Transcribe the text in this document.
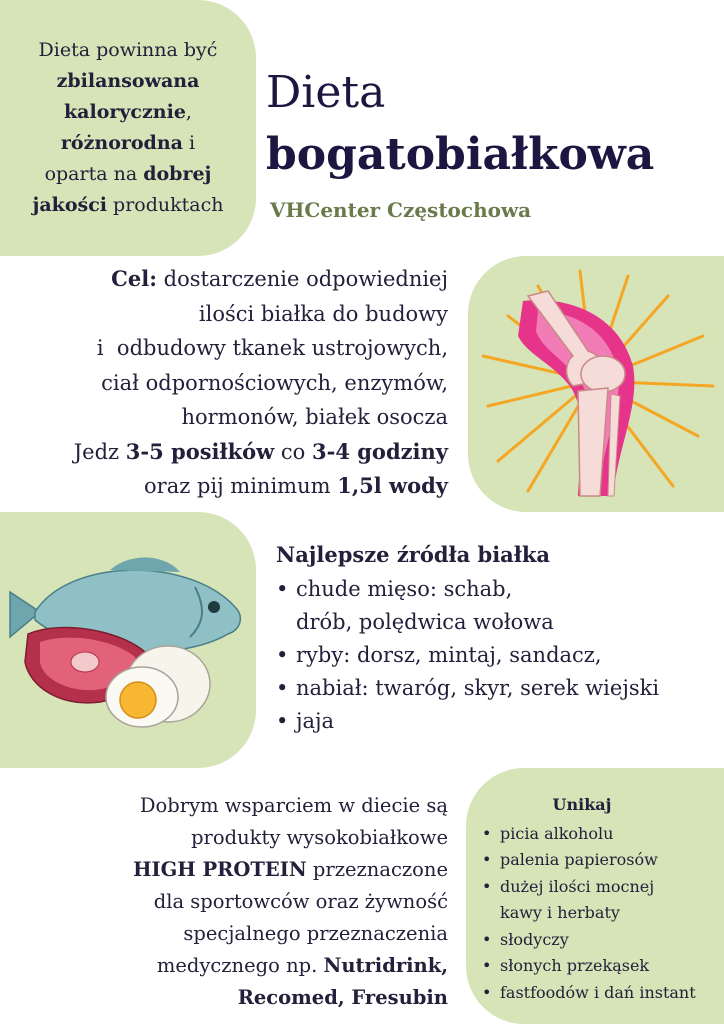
Dieta powinna być
zbilansowana
kalorycznie,
różnorodna i
oparta na dobrej
jakości produktach
Dieta
bogatobiałkowa
VHCenter Częstochowa
Cel: dostarczenie odpowiedniej
ilości białka do budowy
i  odbudowy tkanek ustrojowych,
ciał odpornościowych, enzymów,
hormonów, białek osocza
Jedz 3-5 posiłków co 3-4 godziny
oraz pij minimum 1,5l wody
Najlepsze źródła białka
• chude mięso: schab,
drób, polędwica wołowa
• ryby: dorsz, mintaj, sandacz,
• nabiał: twaróg, skyr, serek wiejski
• jaja
Dobrym wsparciem w diecie są
produkty wysokobiałkowe
HIGH PROTEIN przeznaczone
dla sportowców oraz żywność
specjalnego przeznaczenia
medycznego np. Nutridrink,
Recomed, Fresubin
Unikaj
• picia alkoholu
• palenia papierosów
• dużej ilości mocnej
kawy i herbaty
• słodyczy
• słonych przekąsek
• fastfoodów i dań instant
